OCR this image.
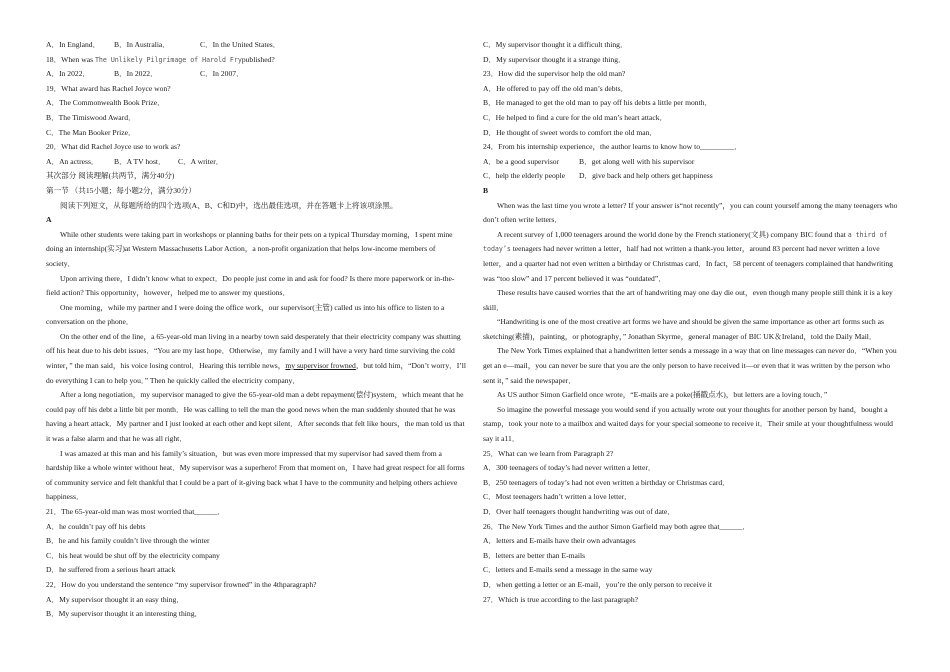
A．In England． B．In Australia．	C．In the United States．
18．When was The Unlikely Pilgrimage of Harold Frypublished?
A．In 2022．	B．In 2022．	C．In 2007．
19．What award has Rachel Joyce won?
A．The Commonwealth Book Prize．
B．The Timiswood Award．
C．The Man Booker Prize．
20．What did Rachel Joyce use to work as?
A．An actress． B．A TV host． C．A writer．
其次部分 阅读理解(共两节，满分40分)
第一节 （共15小题；每小题2分，满分30分）
阅读下列短文，从每题所给的四个选项(A、B、C和D)中，选出最佳选项，并在答题卡上将该项涂黑。
A
While other students were taking part in workshops or planning baths for their pets on a typical Thursday morning，I spent mine doing an internship(实习)at Western Massachusetts Labor Action，a non-profit organization that helps low-income members of society．
Upon arriving there，I didn’t know what to expect．Do people just come in and ask for food? Is there more paperwork or in-the-field action? This opportunity，however，helped me to answer my questions．
One morning，while my partner and I were doing the office work，our supervisor(主管) called us into his office to listen to a conversation on the phone．
On the other end of the line，a 65-year-old man living in a nearby town said desperately that their electricity company was shutting off his heat due to his debt issues．“You are my last hope．Otherwise，my family and I will have a very hard time surviving the cold winter，” the man said，his voice losing control．Hearing this terrible news，my supervisor frowned，but told him，“Don’t worry．I’ll do everything I can to help you．” Then he quickly called the electricity company．
After a long negotiation，my supervisor managed to give the 65-year-old man a debt repayment(偿付)system，which meant that he could pay off his debt a little bit per month．He was calling to tell the man the good news when the man suddenly shouted that he was having a heart attack．My partner and I just looked at each other and kept silent．After seconds that felt like hours，the man told us that it was a false alarm and that he was all right．
I was amazed at this man and his family’s situation，but was even more impressed that my supervisor had saved them from a hardship like a whole winter without heat．My supervisor was a superhero! From that moment on，I have had great respect for all forms of community service and felt thankful that I could be a part of it-giving back what I have to the community and helping others achieve happiness．
21．The 65-year-old man was most worried that______．
A．he couldn’t pay off his debts
B．he and his family couldn’t live through the winter
C．his heat would be shut off by the electricity company
D．he suffered from a serious heart attack
22．How do you understand the sentence “my supervisor frowned” in the 4thparagraph?
A．My supervisor thought it an easy thing．
B．My supervisor thought it an interesting thing．
C．My supervisor thought it a difficult thing．
D．My supervisor thought it a strange thing．
23．How did the supervisor help the old man?
A．He offered to pay off the old man’s debts．
B．He managed to get the old man to pay off his debts a little per month．
C．He helped to find a cure for the old man’s heart attack．
D．He thought of sweet words to comfort the old man．
24．From his internship experience，the author learns to know how to_________．
A．be a good supervisor	B．get along well with his supervisor
C．help the elderly people D．give back and help others get happiness
B
When was the last time you wrote a letter? If your answer is“not recently”，you can count yourself among the many teenagers who don’t often write letters．
A recent survey of 1,000 teenagers around the world done by the French stationery(文具) company BIC found that a third of today’s teenagers had never written a letter，half had not written a thank-you letter，around 83 percent had never written a love letter，and a quarter had not even written a birthday or Christmas card．In fact，58 percent of teenagers complained that handwriting was “too slow” and 17 percent believed it was “outdated”．
These results have caused worries that the art of handwriting may one day die out，even though many people still think it is a key skill．
“Handwriting is one of the most creative art forms we have and should be given the same importance as other art forms such as sketching(素描)，painting，or photography，” Jonathan Skyrme，general manager of BIC UK＆Ireland，told the Daily Mail．
The New York Times explained that a handwritten letter sends a message in a way that on line messages can never do．“When you get an e—mail，you can never be sure that you are the only person to have received it—or even that it was written by the person who sent it，” said the newspaper．
As US author Simon Garfield once wrote，“E-mails are a poke(捅戳点水)，but letters are a loving touch．”
So imagine the powerful message you would send if you actually wrote out your thoughts for another person by hand，bought a stamp，took your note to a mailbox and waited days for your special someone to receive it．Their smile at your thoughtfulness would say it a11．
25．What can we learn from Paragraph 2?
A．300 teenagers of today’s had never written a letter．
B．250 teenagers of today’s had not even written a birthday or Christmas card．
C．Most teenagers hadn’t written a love letter．
D．Over half teenagers thought handwriting was out of date．
26．The New York Times and the author Simon Garfield may both agree that______．
A．letters and E-mails have their own advantages
B．letters are better than E-mails
C．letters and E-mails send a message in the same way
D．when getting a letter or an E-mail，you’re the only person to receive it
27．Which is true according to the last paragraph?
